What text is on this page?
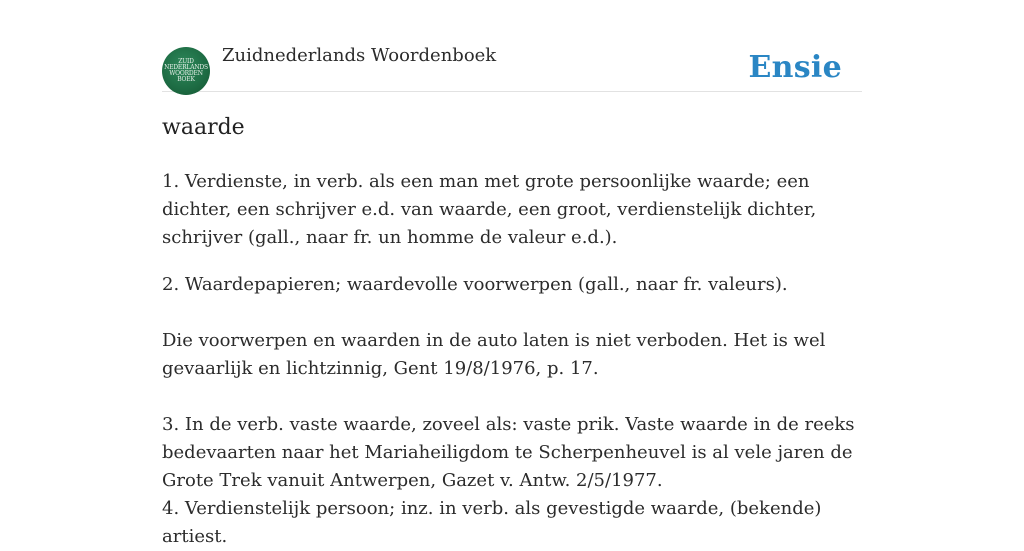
ZUID
NEDERLANDS
WOORDEN
BOEK
Zuidnederlands Woordenboek	Ensie
waarde
1. Verdienste, in verb. als een man met grote persoonlijke waarde; een dichter, een schrijver e.d. van waarde, een groot, verdienstelijk dichter, schrijver (gall., naar fr. un homme de valeur e.d.).
2. Waardepapieren; waardevolle voorwerpen (gall., naar fr. valeurs).
Die voorwerpen en waarden in de auto laten is niet verboden. Het is wel gevaarlijk en lichtzinnig, Gent 19/8/1976, p. 17.
3. In de verb. vaste waarde, zoveel als: vaste prik. Vaste waarde in de reeks bedevaarten naar het Mariaheiligdom te Scherpenheuvel is al vele jaren de Grote Trek vanuit Antwerpen, Gazet v. Antw. 2/5/1977.
4. Verdienstelijk persoon; inz. in verb. als gevestigde waarde, (bekende) artiest.
